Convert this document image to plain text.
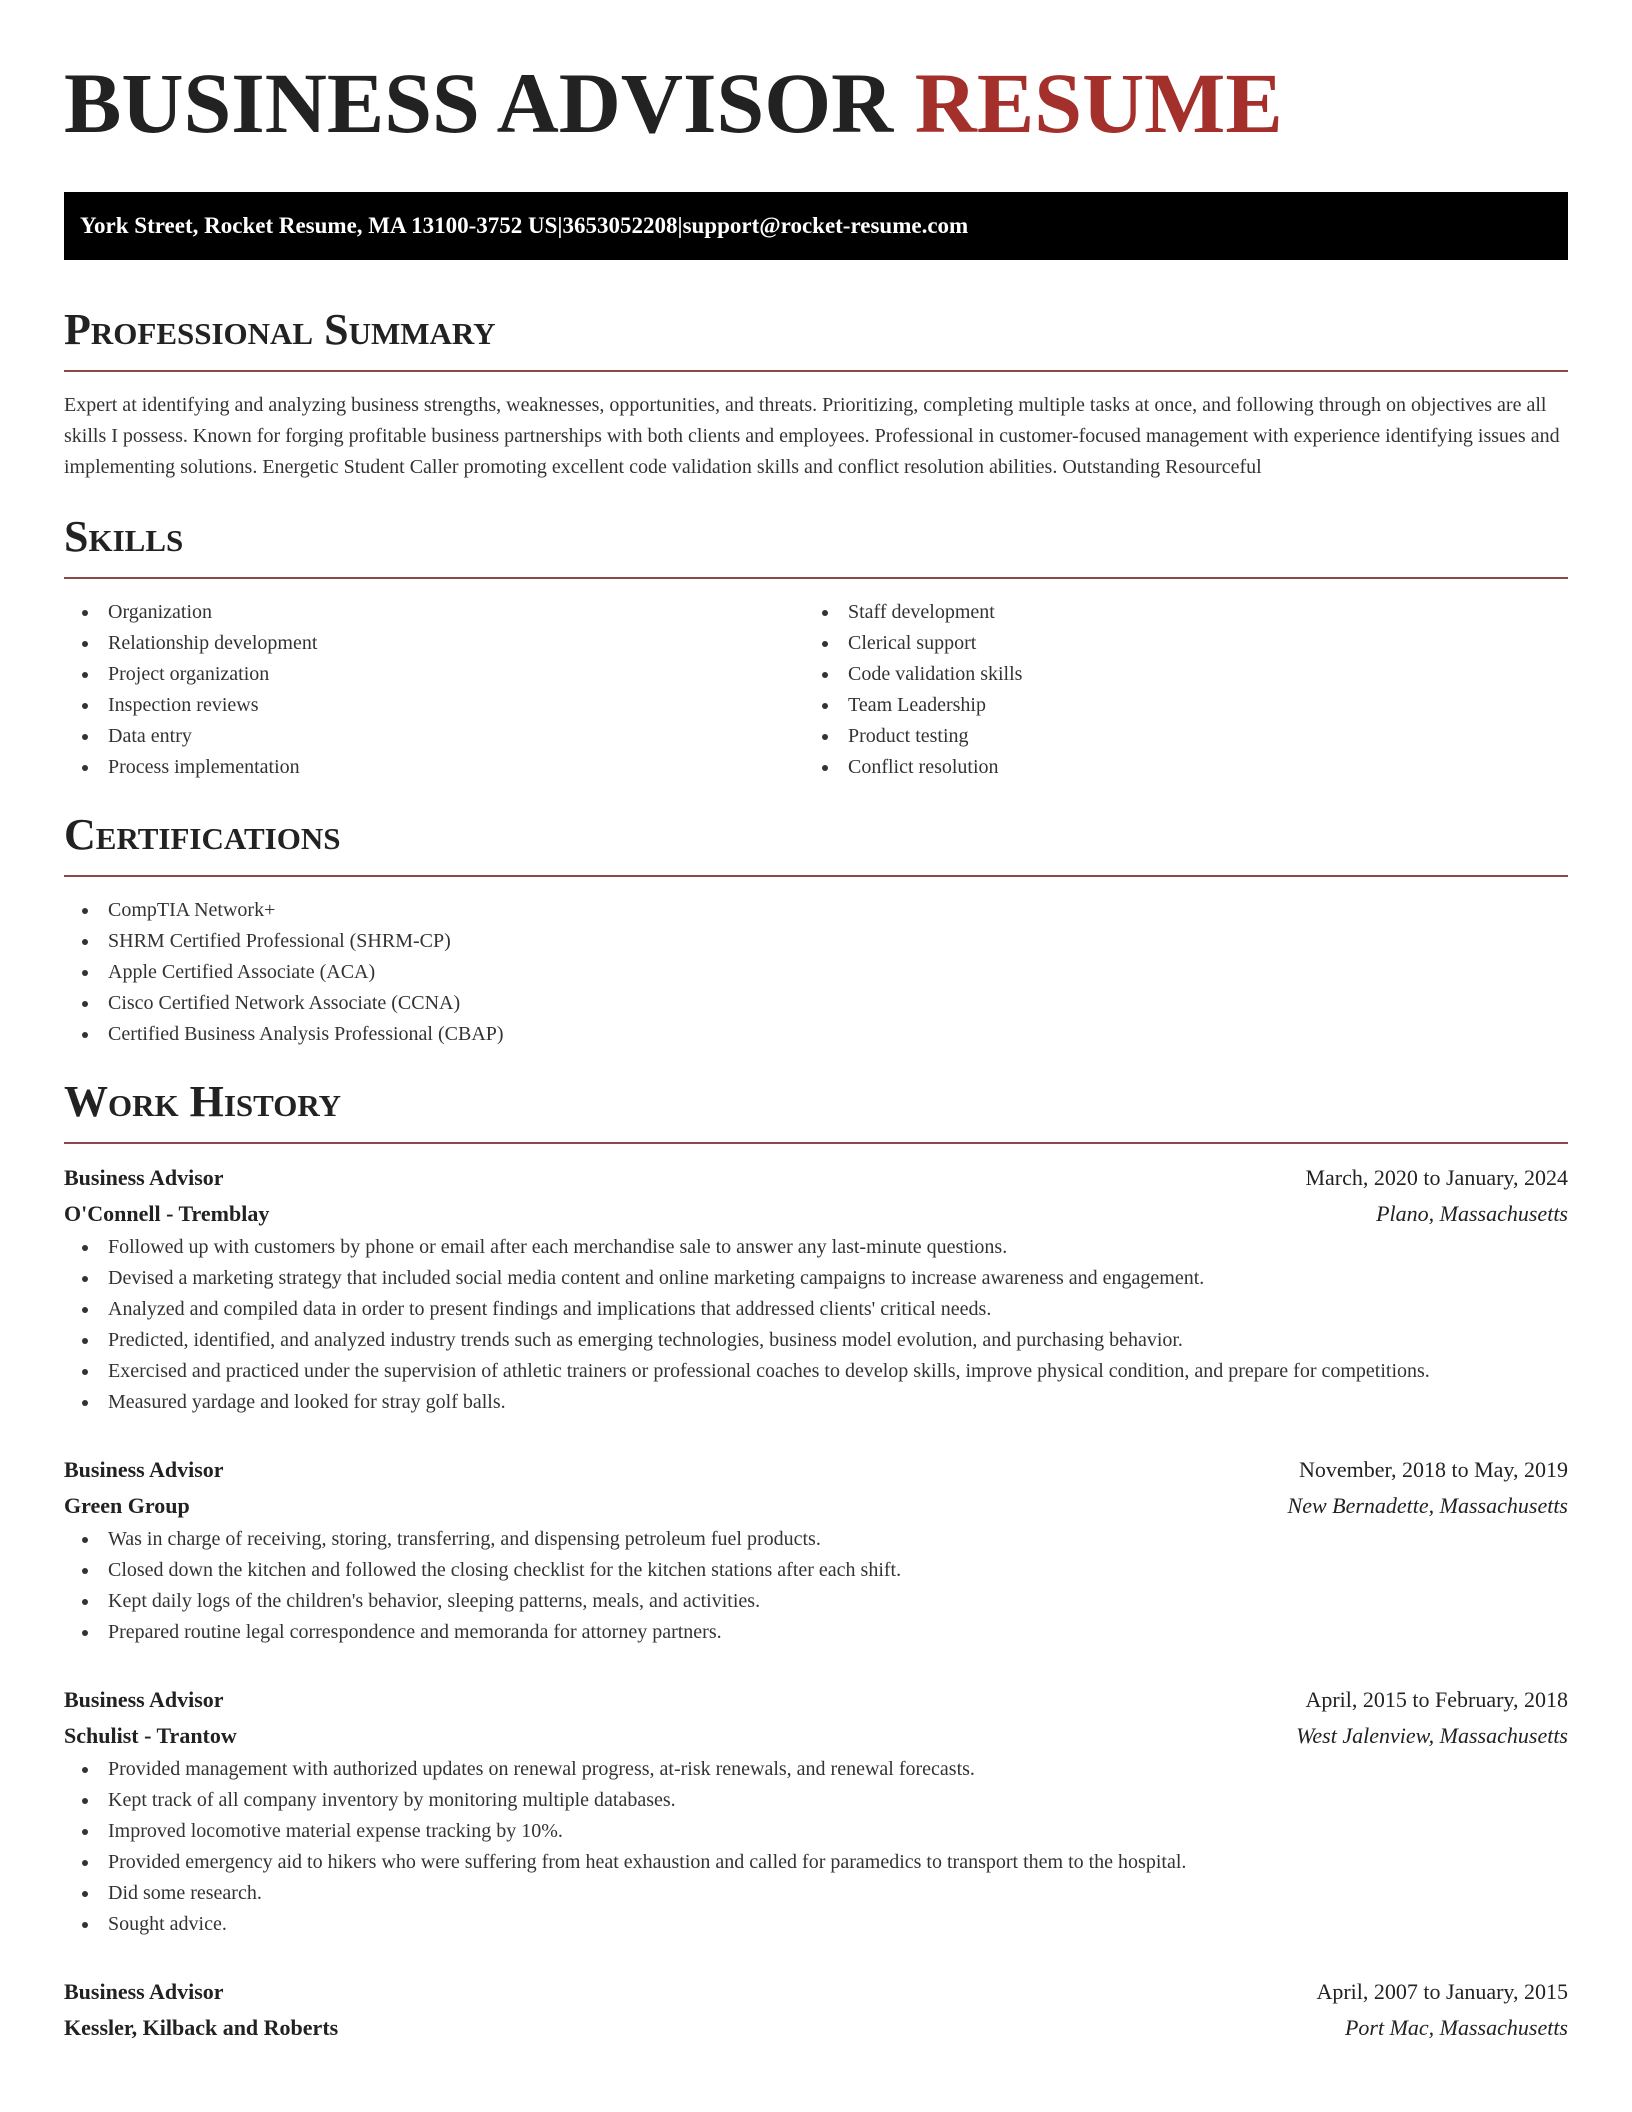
BUSINESS ADVISOR RESUME
York Street, Rocket Resume, MA 13100-3752 US | 3653052208 | support@rocket-resume.com
Professional Summary

Expert at identifying and analyzing business strengths, weaknesses, opportunities, and threats. Prioritizing, completing multiple tasks at once, and following through on objectives are all skills I possess. Known for forging profitable business partnerships with both clients and employees. Professional in customer-focused management with experience identifying issues and implementing solutions. Energetic Student Caller promoting excellent code validation skills and conflict resolution abilities. Outstanding Resourceful

Skills
Organization
Relationship development
Project organization
Inspection reviews
Data entry
Process implementation
Staff development
Clerical support
Code validation skills
Team Leadership
Product testing
Conflict resolution
Certifications
CompTIA Network+
SHRM Certified Professional (SHRM-CP)
Apple Certified Associate (ACA)
Cisco Certified Network Associate (CCNA)
Certified Business Analysis Professional (CBAP)
Work History
Business Advisor	March, 2020 to January, 2024
O'Connell - Tremblay	Plano, Massachusetts
Followed up with customers by phone or email after each merchandise sale to answer any last-minute questions.
Devised a marketing strategy that included social media content and online marketing campaigns to increase awareness and engagement.
Analyzed and compiled data in order to present findings and implications that addressed clients' critical needs.
Predicted, identified, and analyzed industry trends such as emerging technologies, business model evolution, and purchasing behavior.
Exercised and practiced under the supervision of athletic trainers or professional coaches to develop skills, improve physical condition, and prepare for competitions.
Measured yardage and looked for stray golf balls.
Business Advisor	November, 2018 to May, 2019
Green Group	New Bernadette, Massachusetts
Was in charge of receiving, storing, transferring, and dispensing petroleum fuel products.
Closed down the kitchen and followed the closing checklist for the kitchen stations after each shift.
Kept daily logs of the children's behavior, sleeping patterns, meals, and activities.
Prepared routine legal correspondence and memoranda for attorney partners.
Business Advisor	April, 2015 to February, 2018
Schulist - Trantow	West Jalenview, Massachusetts
Provided management with authorized updates on renewal progress, at-risk renewals, and renewal forecasts.
Kept track of all company inventory by monitoring multiple databases.
Improved locomotive material expense tracking by 10%.
Provided emergency aid to hikers who were suffering from heat exhaustion and called for paramedics to transport them to the hospital.
Did some research.
Sought advice.
Business Advisor	April, 2007 to January, 2015
Kessler, Kilback and Roberts	Port Mac, Massachusetts
